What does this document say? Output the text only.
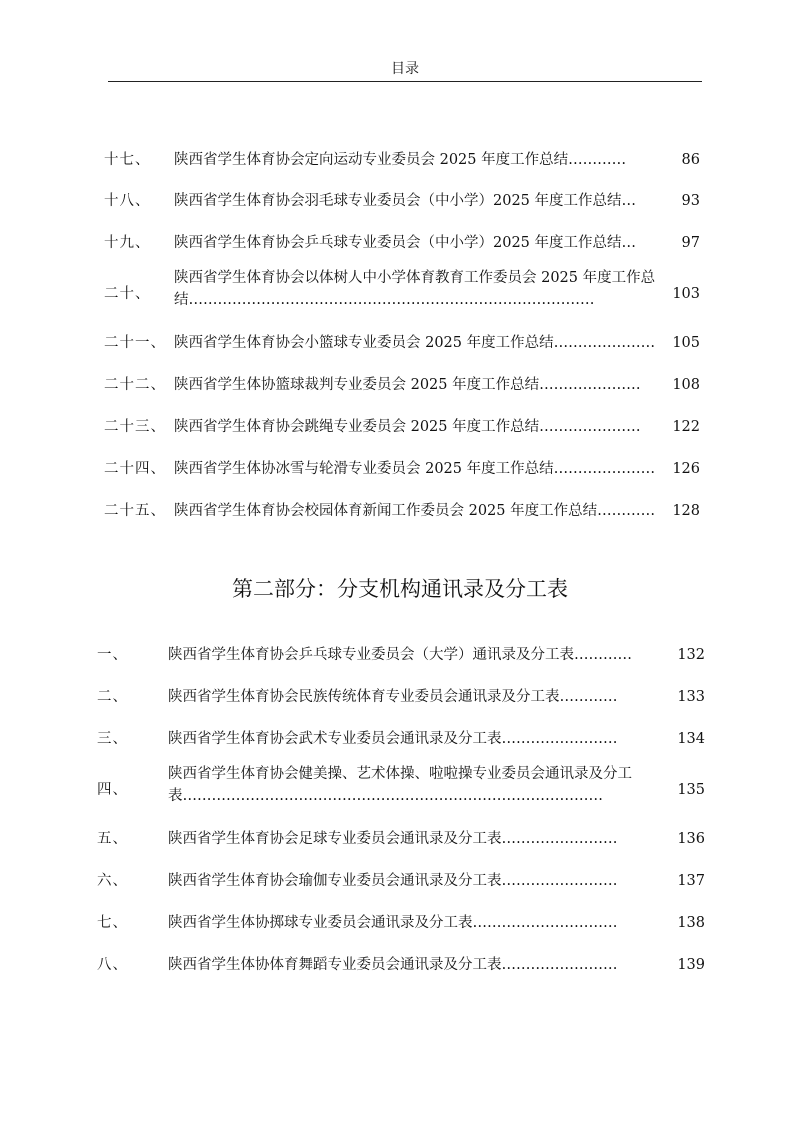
目录
十七、 陕西省学生体育协会定向运动专业委员会 2025 年度工作总结…………	86
十八、 陕西省学生体育协会羽毛球专业委员会（中小学）2025 年度工作总结…	93
十九、 陕西省学生体育协会乒乓球专业委员会（中小学）2025 年度工作总结…	97
二十、
陕西省学生体育协会以体树人中小学体育教育工作委员会 2025 年度工作总结…………………………………………………………………………	103
二十一、 陕西省学生体育协会小篮球专业委员会 2025 年度工作总结…………………	105
二十二、 陕西省学生体协篮球裁判专业委员会 2025 年度工作总结…………………	108
二十三、 陕西省学生体育协会跳绳专业委员会 2025 年度工作总结…………………	122
二十四、 陕西省学生体协冰雪与轮滑专业委员会 2025 年度工作总结…………………	126
二十五、 陕西省学生体育协会校园体育新闻工作委员会 2025 年度工作总结…………	128
第二部分：分支机构通讯录及分工表
一、	陕西省学生体育协会乒乓球专业委员会（大学）通讯录及分工表…………	132
二、	陕西省学生体育协会民族传统体育专业委员会通讯录及分工表…………	133
三、	陕西省学生体育协会武术专业委员会通讯录及分工表……………………	134
四、
陕西省学生体育协会健美操、艺术体操、啦啦操专业委员会通讯录及分工表……………………………………………………………………………	135
五、	陕西省学生体育协会足球专业委员会通讯录及分工表……………………	136
六、	陕西省学生体育协会瑜伽专业委员会通讯录及分工表……………………	137
七、	陕西省学生体协掷球专业委员会通讯录及分工表…………………………	138
八、	陕西省学生体协体育舞蹈专业委员会通讯录及分工表……………………	139
